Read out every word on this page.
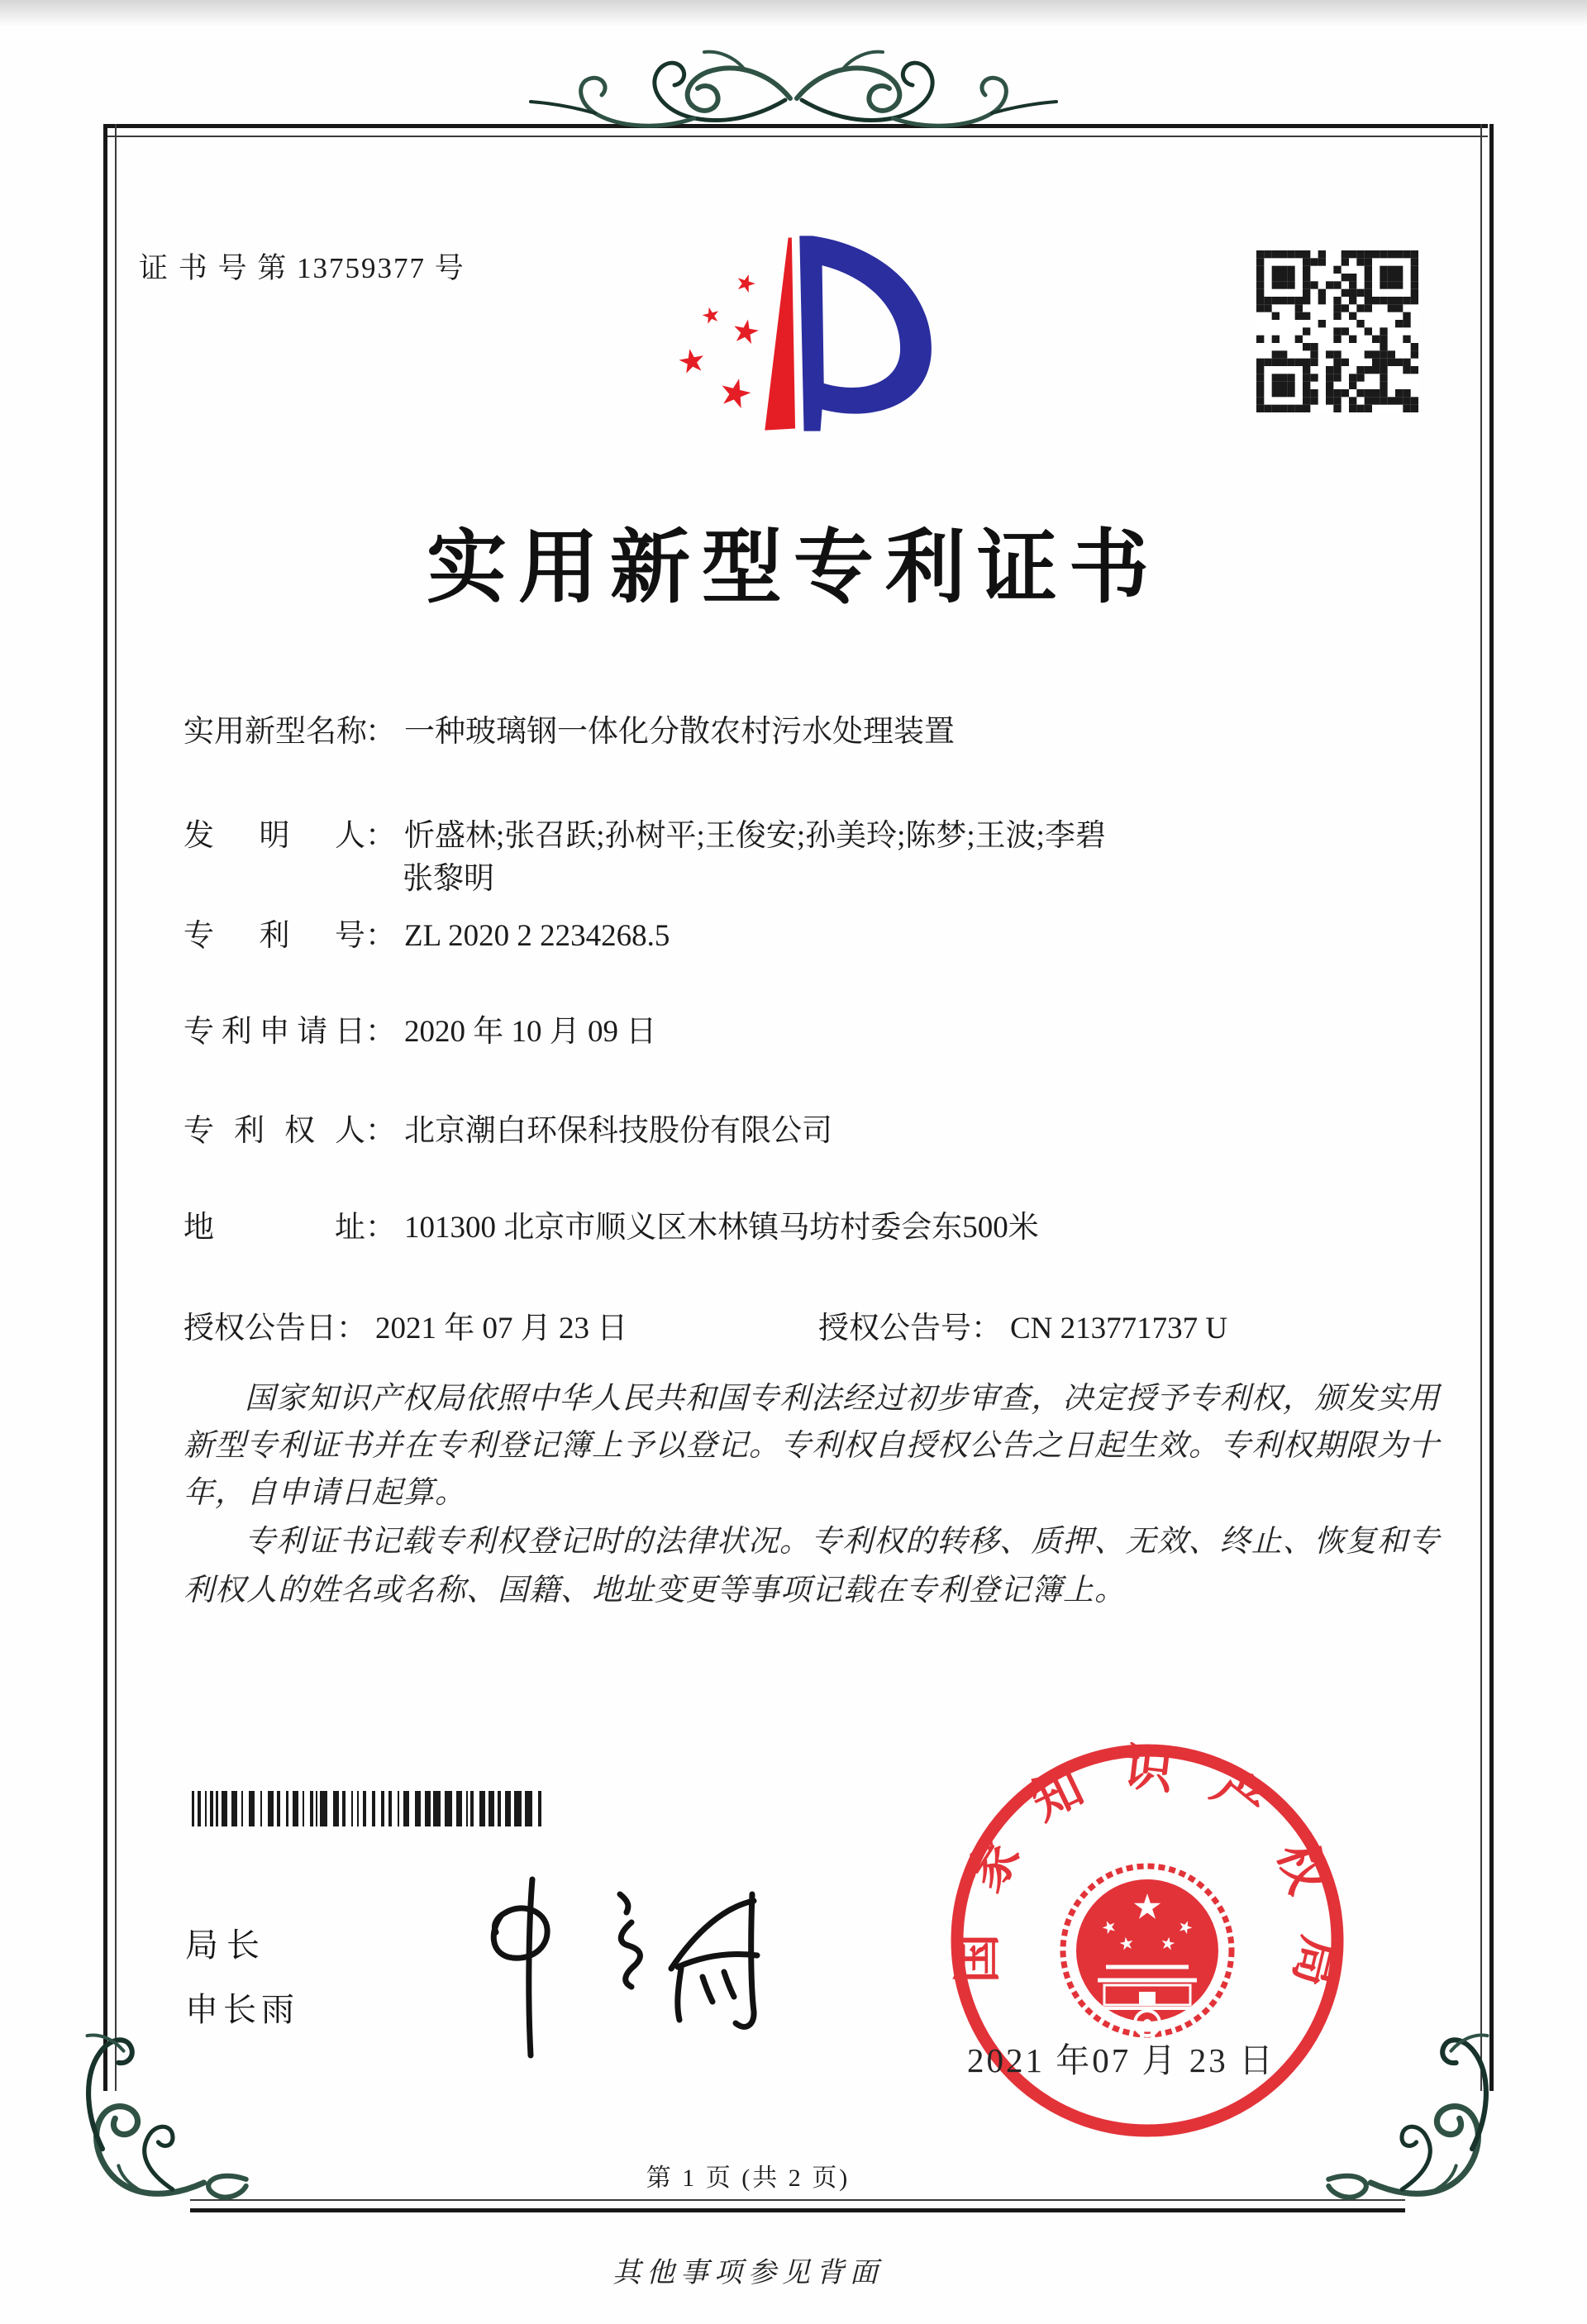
证 书 号 第 13759377 号
实用新型专利证书
实用新型名称： 一种玻璃钢一体化分散农村污水处理装置
发明人： 忻盛林;张召跃;孙树平;王俊安;孙美玲;陈梦;王波;李碧
张黎明
专利号： ZL 2020 2 2234268.5
专利申请日： 2020 年 10 月 09 日
专利权人： 北京潮白环保科技股份有限公司
地址： 101300 北京市顺义区木林镇马坊村委会东500米
授权公告日： 2021 年 07 月 23 日	授权公告号： CN 213771737 U
国家知识产权局依照中华人民共和国专利法经过初步审查，决定授予专利权，颁发实用新型专利证书并在专利登记簿上予以登记。专利权自授权公告之日起生效。专利权期限为十年，自申请日起算。
专利证书记载专利权登记时的法律状况。专利权的转移、质押、无效、终止、恢复和专利权人的姓名或名称、国籍、地址变更等事项记载在专利登记簿上。
局长
申长雨
国家知识产权局
2021 年07 月 23 日
第 1 页 (共 2 页)
其他事项参见背面
